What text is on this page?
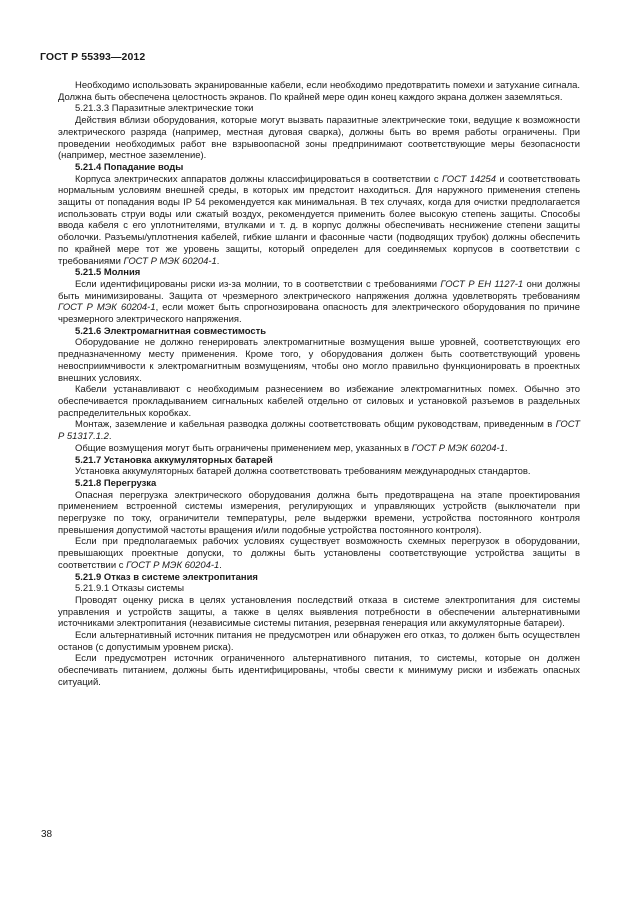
ГОСТ Р 55393—2012

Необходимо использовать экранированные кабели, если необходимо предотвратить помехи и затухание сигнала. Должна быть обеспечена целостность экранов. По крайней мере один конец каждого экрана должен заземляться.

5.21.3.3 Паразитные электрические токи

Действия вблизи оборудования, которые могут вызвать паразитные электрические токи, ведущие к возможности электрического разряда (например, местная дуговая сварка), должны быть во время работы ограничены. При проведении необходимых работ вне взрывоопасной зоны предпринимают соответствующие меры безопасности (например, местное заземление).

5.21.4 Попадание воды

Корпуса электрических аппаратов должны классифицироваться в соответствии с ГОСТ 14254 и соответствовать нормальным условиям внешней среды, в которых им предстоит находиться. Для наружного применения степень защиты от попадания воды IP 54 рекомендуется как минимальная. В тех случаях, когда для очистки предполагается использовать струи воды или сжатый воздух, рекомендуется применить более высокую степень защиты. Способы ввода кабеля с его уплотнителями, втулками и т. д. в корпус должны обеспечивать неснижение степени защиты оболочки. Разъемы/уплотнения кабелей, гибкие шланги и фасонные части (подводящих трубок) должны обеспечить по крайней мере тот же уровень защиты, который определен для соединяемых корпусов в соответствии с требованиями ГОСТ Р МЭК 60204-1.

5.21.5 Молния

Если идентифицированы риски из-за молнии, то в соответствии с требованиями ГОСТ Р ЕН 1127-1 они должны быть минимизированы. Защита от чрезмерного электрического напряжения должна удовлетворять требованиям ГОСТ Р МЭК 60204-1, если может быть спрогнозирована опасность для электрического оборудования по причине чрезмерного электрического напряжения.

5.21.6 Электромагнитная совместимость

Оборудование не должно генерировать электромагнитные возмущения выше уровней, соответствующих его предназначенному месту применения. Кроме того, у оборудования должен быть соответствующий уровень невосприимчивости к электромагнитным возмущениям, чтобы оно могло правильно функционировать в проектных внешних условиях.

Кабели устанавливают с необходимым разнесением во избежание электромагнитных помех. Обычно это обеспечивается прокладыванием сигнальных кабелей отдельно от силовых и установкой разъемов в раздельных распределительных коробках.

Монтаж, заземление и кабельная разводка должны соответствовать общим руководствам, приведенным в ГОСТ Р 51317.1.2.

Общие возмущения могут быть ограничены применением мер, указанных в ГОСТ Р МЭК 60204-1.

5.21.7 Установка аккумуляторных батарей

Установка аккумуляторных батарей должна соответствовать требованиям международных стандартов.

5.21.8 Перегрузка

Опасная перегрузка электрического оборудования должна быть предотвращена на этапе проектирования применением встроенной системы измерения, регулирующих и управляющих устройств (выключатели при перегрузке по току, ограничители температуры, реле выдержки времени, устройства постоянного контроля превышения допустимой частоты вращения и/или подобные устройства постоянного контроля).

Если при предполагаемых рабочих условиях существует возможность схемных перегрузок в оборудовании, превышающих проектные допуски, то должны быть установлены соответствующие устройства защиты в соответствии с ГОСТ Р МЭК 60204-1.

5.21.9 Отказ в системе электропитания

5.21.9.1 Отказы системы

Проводят оценку риска в целях установления последствий отказа в системе электропитания для системы управления и устройств защиты, а также в целях выявления потребности в обеспечении альтернативными источниками электропитания (независимые системы питания, резервная генерация или аккумуляторные батареи).

Если альтернативный источник питания не предусмотрен или обнаружен его отказ, то должен быть осуществлен останов (с допустимым уровнем риска).

Если предусмотрен источник ограниченного альтернативного питания, то системы, которые он должен обеспечивать питанием, должны быть идентифицированы, чтобы свести к минимуму риски и избежать опасных ситуаций.

38
